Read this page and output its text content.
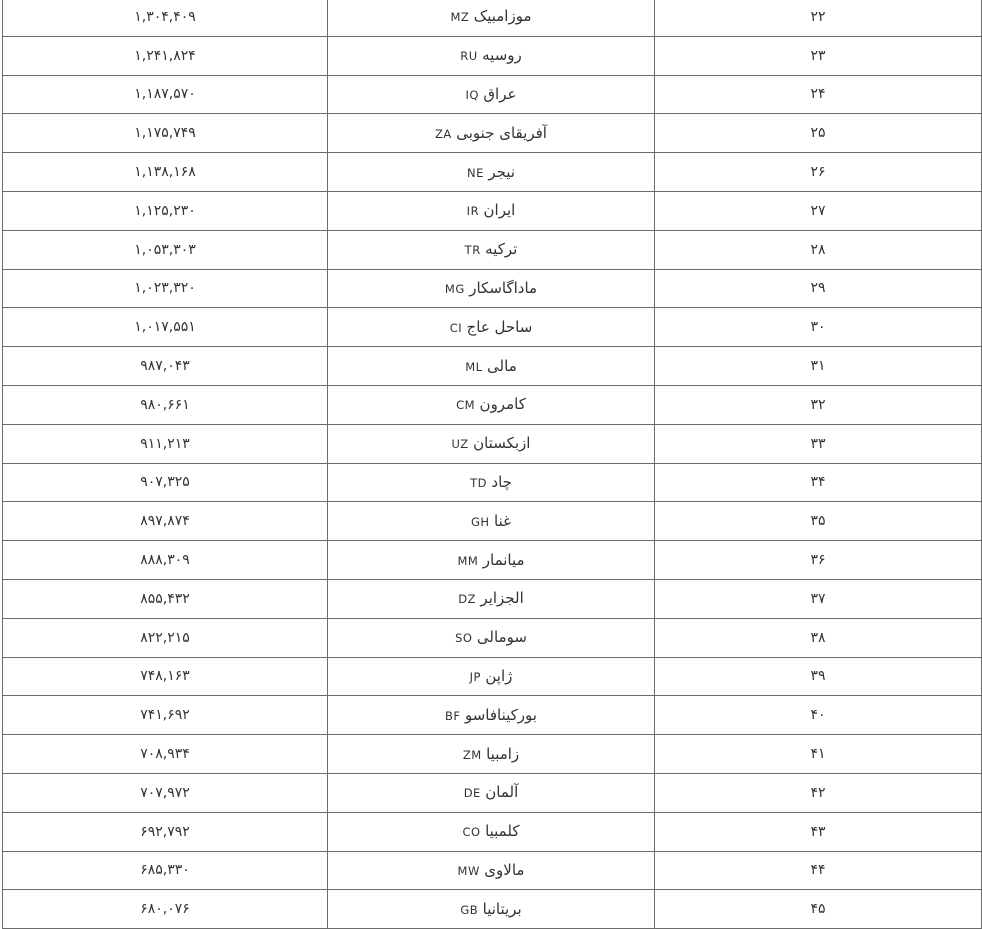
۱,۳۰۴,۴۰۹	موزامبیک MZ	۲۲
۱,۲۴۱,۸۲۴	روسیه RU	۲۳
۱,۱۸۷,۵۷۰	عراق IQ	۲۴
۱,۱۷۵,۷۴۹	آفریقای جنوبی ZA	۲۵
۱,۱۳۸,۱۶۸	نیجر NE	۲۶
۱,۱۲۵,۲۳۰	ایران IR	۲۷
۱,۰۵۳,۳۰۳	ترکیه TR	۲۸
۱,۰۲۳,۳۲۰	ماداگاسکار MG	۲۹
۱,۰۱۷,۵۵۱	ساحل عاج CI	۳۰
۹۸۷,۰۴۳	مالی ML	۳۱
۹۸۰,۶۶۱	کامرون CM	۳۲
۹۱۱,۲۱۳	ازبکستان UZ	۳۳
۹۰۷,۳۲۵	چاد TD	۳۴
۸۹۷,۸۷۴	غنا GH	۳۵
۸۸۸,۳۰۹	میانمار MM	۳۶
۸۵۵,۴۳۲	الجزایر DZ	۳۷
۸۲۲,۲۱۵	سومالی SO	۳۸
۷۴۸,۱۶۳	ژاپن JP	۳۹
۷۴۱,۶۹۲	بورکینافاسو BF	۴۰
۷۰۸,۹۳۴	زامبیا ZM	۴۱
۷۰۷,۹۷۲	آلمان DE	۴۲
۶۹۲,۷۹۲	کلمبیا CO	۴۳
۶۸۵,۳۳۰	مالاوی MW	۴۴
۶۸۰,۰۷۶	بریتانیا GB	۴۵
